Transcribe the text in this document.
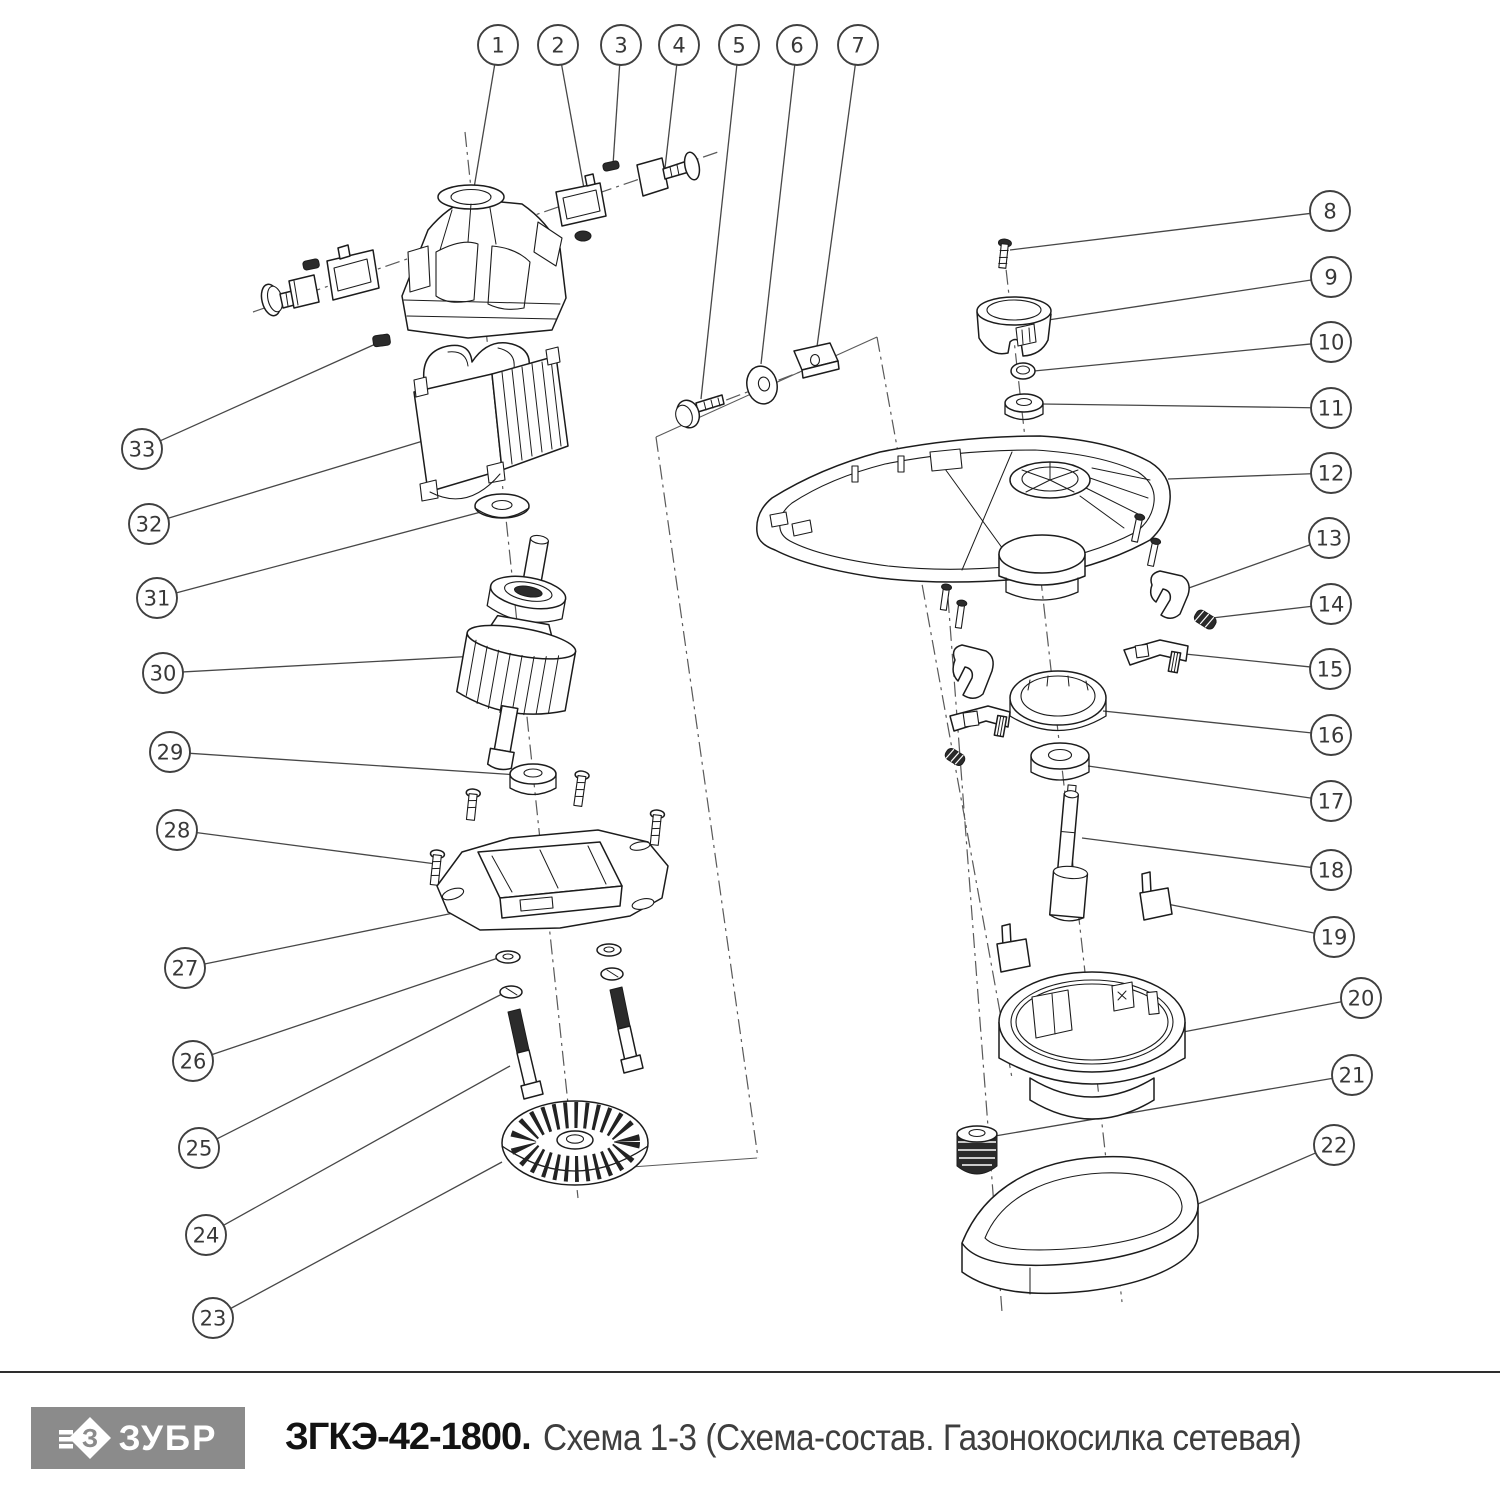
1 2 3 4 5 6 7
8
9
10
11
12
13
14
15
16
17
18
19
20
21
22
23
24
25
26
27
28
29
30
31
32
33
З ЗУБР ЗГКЭ-42-1800. Схема 1-3 (Схема-состав. Газонокосилка сетевая)
